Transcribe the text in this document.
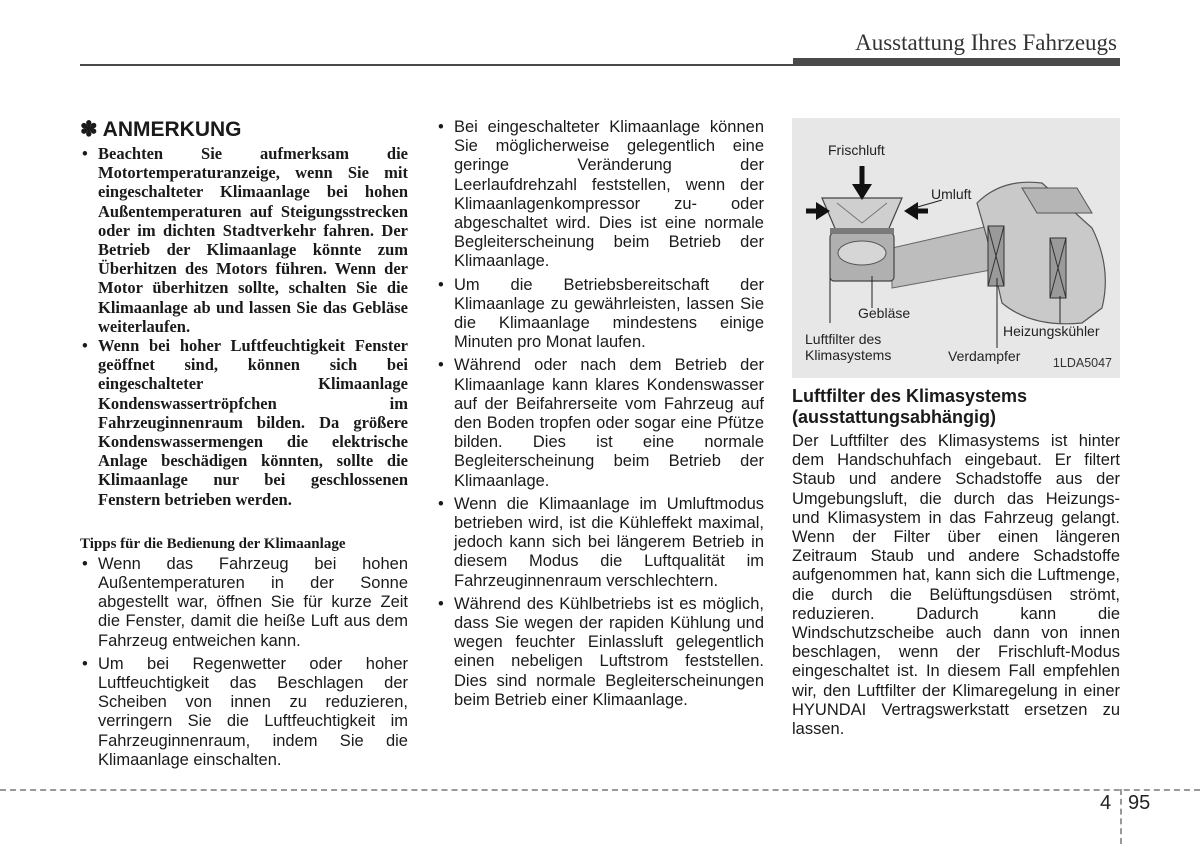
Ausstattung Ihres Fahrzeugs
✽ ANMERKUNG
• Beachten Sie aufmerksam die Motortemperaturanzeige, wenn Sie mit eingeschalteter Klimaanlage bei hohen Außentemperaturen auf Steigungsstrecken oder im dichten Stadtverkehr fahren. Der Betrieb der Klimaanlage könnte zum Überhitzen des Motors führen. Wenn der Motor überhitzen sollte, schalten Sie die Klimaanlage ab und lassen Sie das Gebläse weiterlaufen.
• Wenn bei hoher Luftfeuchtigkeit Fenster geöffnet sind, können sich bei eingeschalteter Klimaanlage Kondenswassertröpfchen im Fahrzeuginnenraum bilden. Da größere Kondenswassermengen die elektrische Anlage beschädigen könnten, sollte die Klimaanlage nur bei geschlossenen Fenstern betrieben werden.
Tipps für die Bedienung der Klimaanlage
• Wenn das Fahrzeug bei hohen Außentemperaturen in der Sonne abgestellt war, öffnen Sie für kurze Zeit die Fenster, damit die heiße Luft aus dem Fahrzeug entweichen kann.
• Um bei Regenwetter oder hoher Luftfeuchtigkeit das Beschlagen der Scheiben von innen zu reduzieren, verringern Sie die Luftfeuchtigkeit im Fahrzeuginnenraum, indem Sie die Klimaanlage einschalten.
• Bei eingeschalteter Klimaanlage können Sie möglicherweise gelegentlich eine geringe Veränderung der Leerlaufdrehzahl feststellen, wenn der Klimaanlagenkompressor zu- oder abgeschaltet wird. Dies ist eine normale Begleiterscheinung beim Betrieb der Klimaanlage.
• Um die Betriebsbereitschaft der Klimaanlage zu gewährleisten, lassen Sie die Klimaanlage mindestens einige Minuten pro Monat laufen.
• Während oder nach dem Betrieb der Klimaanlage kann klares Kondenswasser auf der Beifahrerseite vom Fahrzeug auf den Boden tropfen oder sogar eine Pfütze bilden. Dies ist eine normale Begleiterscheinung beim Betrieb der Klimaanlage.
• Wenn die Klimaanlage im Umluftmodus betrieben wird, ist die Kühleffekt maximal, jedoch kann sich bei längerem Betrieb in diesem Modus die Luftqualität im Fahrzeuginnenraum verschlechtern.
• Während des Kühlbetriebs ist es möglich, dass Sie wegen der rapiden Kühlung und wegen feuchter Einlassluft gelegentlich einen nebeligen Luftstrom feststellen. Dies sind normale Begleiterscheinungen beim Betrieb einer Klimaanlage.
Frischluft
Umluft
Gebläse
Luftfilter des Klimasystems
Heizungskühler
Verdampfer	1LDA5047
Luftfilter des Klimasystems (ausstattungsabhängig)

Der Luftfilter des Klimasystems ist hinter dem Handschuhfach eingebaut. Er filtert Staub und andere Schadstoffe aus der Umgebungsluft, die durch das Heizungs- und Klimasystem in das Fahrzeug gelangt. Wenn der Filter über einen längeren Zeitraum Staub und andere Schadstoffe aufgenommen hat, kann sich die Luftmenge, die durch die Belüftungsdüsen strömt, reduzieren. Dadurch kann die Windschutzscheibe auch dann von innen beschlagen, wenn der Frischluft-Modus eingeschaltet ist. In diesem Fall empfehlen wir, den Luftfilter der Klimaregelung in einer HYUNDAI Vertragswerkstatt ersetzen zu lassen.

4 95
